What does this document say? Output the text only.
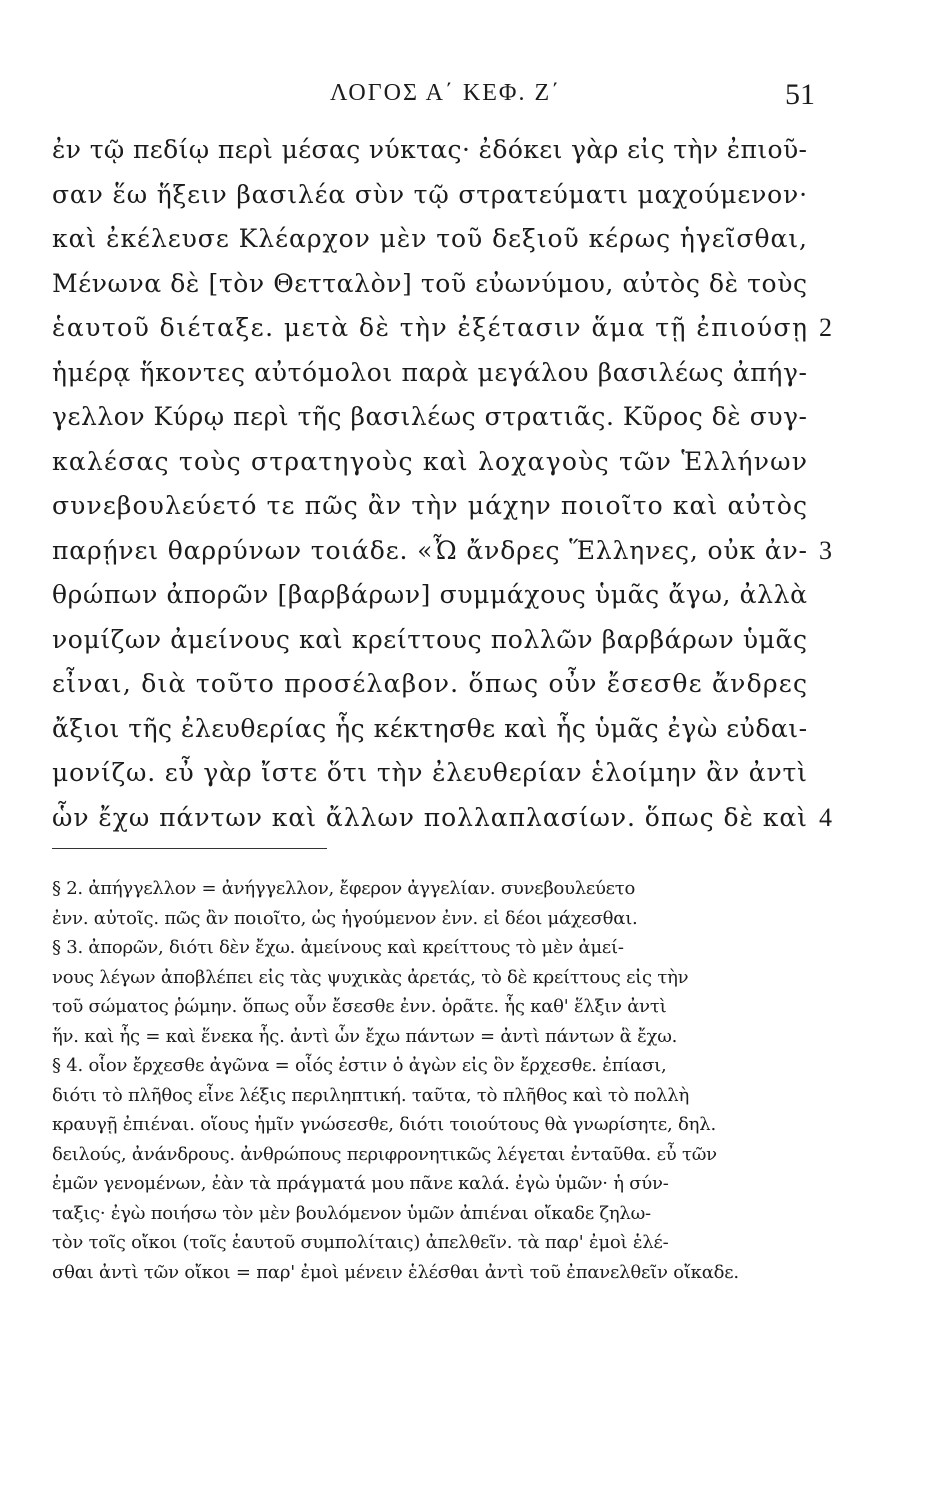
ΛΟΓΟΣ Α΄ ΚΕΦ. Ζ΄	51
ἐν τῷ πεδίῳ περὶ μέσας νύκτας· ἐδόκει γὰρ εἰς τὴν ἐπιοῦ-
σαν ἕω ἥξειν βασιλέα σὺν τῷ στρατεύματι μαχούμενον·
καὶ ἐκέλευσε Κλέαρχον μὲν τοῦ δεξιοῦ κέρως ἡγεῖσθαι,
Μένωνα δὲ [τὸν Θετταλὸν] τοῦ εὐωνύμου, αὐτὸς δὲ τοὺς
ἑαυτοῦ διέταξε. μετὰ δὲ τὴν ἐξέτασιν ἅμα τῇ ἐπιούσῃ 2
ἡμέρᾳ ἥκοντες αὐτόμολοι παρὰ μεγάλου βασιλέως ἀπήγ-
γελλον Κύρῳ περὶ τῆς βασιλέως στρατιᾶς. Κῦρος δὲ συγ-
καλέσας τοὺς στρατηγοὺς καὶ λοχαγοὺς τῶν Ἑλλήνων
συνεβουλεύετό τε πῶς ἂν τὴν μάχην ποιοῖτο καὶ αὐτὸς
παρῄνει θαρρύνων τοιάδε. «Ὦ ἄνδρες Ἕλληνες, οὐκ ἀν- 3
θρώπων ἀπορῶν [βαρβάρων] συμμάχους ὑμᾶς ἄγω, ἀλλὰ
νομίζων ἀμείνους καὶ κρείττους πολλῶν βαρβάρων ὑμᾶς
εἶναι, διὰ τοῦτο προσέλαβον. ὅπως οὖν ἔσεσθε ἄνδρες
ἄξιοι τῆς ἐλευθερίας ἧς κέκτησθε καὶ ἧς ὑμᾶς ἐγὼ εὐδαι-
μονίζω. εὖ γὰρ ἴστε ὅτι τὴν ἐλευθερίαν ἑλοίμην ἂν ἀντὶ
ὧν ἔχω πάντων καὶ ἄλλων πολλαπλασίων. ὅπως δὲ καὶ 4
§ 2. ἀπήγγελλον = ἀνήγγελλον, ἔφερον ἀγγελίαν. συνεβουλεύετο
ἐνν. αὐτοῖς. πῶς ἂν ποιοῖτο, ὡς ἡγούμενον ἐνν. εἰ δέοι μάχεσθαι.
§ 3. ἀπορῶν, διότι δὲν ἔχω. ἀμείνους καὶ κρείττους τὸ μὲν ἀμεί-
νους λέγων ἀποβλέπει εἰς τὰς ψυχικὰς ἀρετάς, τὸ δὲ κρείττους εἰς τὴν
τοῦ σώματος ῥώμην. ὅπως οὖν ἔσεσθε ἐνν. ὁρᾶτε. ἧς καθ' ἕλξιν ἀντὶ
ἥν. καὶ ἧς = καὶ ἕνεκα ἧς. ἀντὶ ὧν ἔχω πάντων = ἀντὶ πάντων ἃ ἔχω.
§ 4. οἷον ἔρχεσθε ἀγῶνα = οἷός ἐστιν ὁ ἀγὼν εἰς ὃν ἔρχεσθε. ἐπίασι,
διότι τὸ πλῆθος εἶνε λέξις περιληπτική. ταῦτα, τὸ πλῆθος καὶ τὸ πολλὴ
κραυγῇ ἐπιέναι. οἵους ἡμῖν γνώσεσθε, διότι τοιούτους θὰ γνωρίσητε, δηλ.
δειλούς, ἀνάνδρους. ἀνθρώπους περιφρονητικῶς λέγεται ἐνταῦθα. εὖ τῶν
ἐμῶν γενομένων, ἐὰν τὰ πράγματά μου πᾶνε καλά. ἐγὼ ὑμῶν· ἡ σύν-
ταξις· ἐγὼ ποιήσω τὸν μὲν βουλόμενον ὑμῶν ἀπιέναι οἴκαδε ζηλω-
τὸν τοῖς οἴκοι (τοῖς ἑαυτοῦ συμπολίταις) ἀπελθεῖν. τὰ παρ' ἐμοὶ ἑλέ-
σθαι ἀντὶ τῶν οἴκοι = παρ' ἐμοὶ μένειν ἑλέσθαι ἀντὶ τοῦ ἐπανελθεῖν οἴκαδε.
